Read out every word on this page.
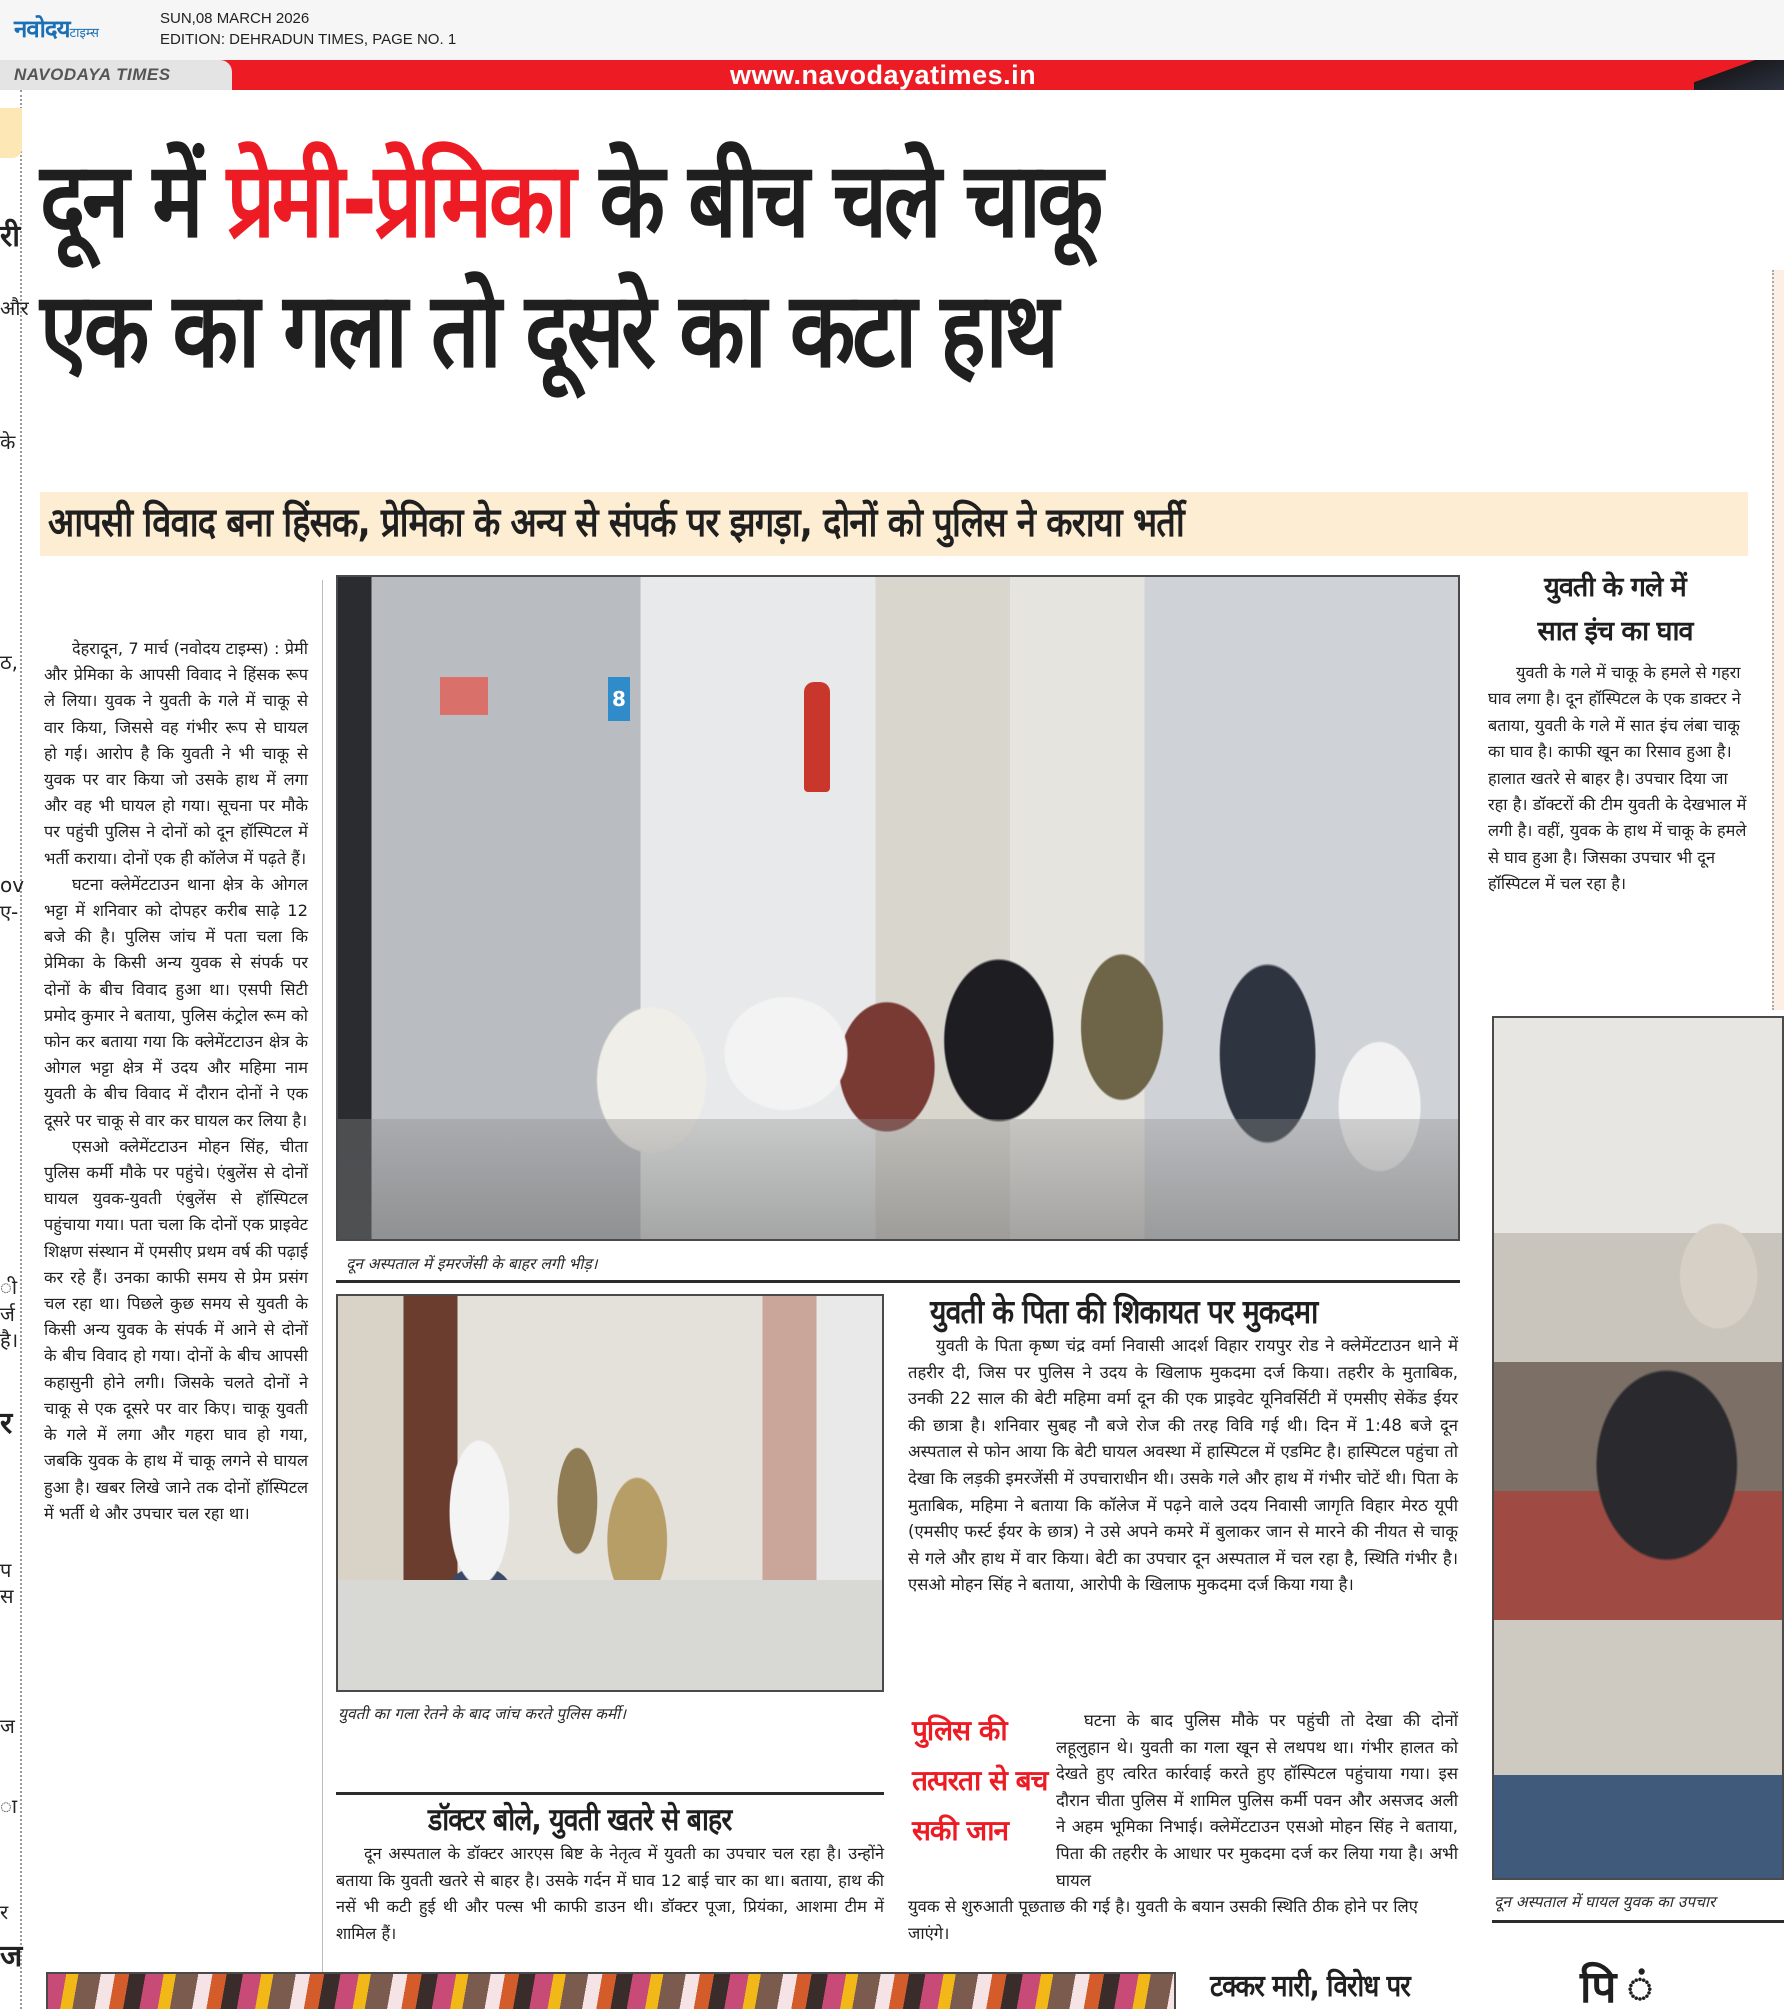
नवोदयटाइम्स
SUN,08 MARCH 2026
EDITION: DEHRADUN TIMES, PAGE NO. 1
NAVODAYA TIMES	www.navodayatimes.in
री
और
के
ठ,
ov
ए-
ी
र्ज
है।
र
प
स
ज
ा
र
ज
दून में प्रेमी-प्रेमिका के बीच चले चाकू
एक का गला तो दूसरे का कटा हाथ
आपसी विवाद बना हिंसक, प्रेमिका के अन्य से संपर्क पर झगड़ा, दोनों को पुलिस ने कराया भर्ती

देहरादून, 7 मार्च (नवोदय टाइम्स) : प्रेमी और प्रेमिका के आपसी विवाद ने हिंसक रूप ले लिया। युवक ने युवती के गले में चाकू से वार किया, जिससे वह गंभीर रूप से घायल हो गई। आरोप है कि युवती ने भी चाकू से युवक पर वार किया जो उसके हाथ में लगा और वह भी घायल हो गया। सूचना पर मौके पर पहुंची पुलिस ने दोनों को दून हॉस्पिटल में भर्ती कराया। दोनों एक ही कॉलेज में पढ़ते हैं।

घटना क्लेमेंटटाउन थाना क्षेत्र के ओगल भट्टा में शनिवार को दोपहर करीब साढ़े 12 बजे की है। पुलिस जांच में पता चला कि प्रेमिका के किसी अन्य युवक से संपर्क पर दोनों के बीच विवाद हुआ था। एसपी सिटी प्रमोद कुमार ने बताया, पुलिस कंट्रोल रूम को फोन कर बताया गया कि क्लेमेंटटाउन क्षेत्र के ओगल भट्टा क्षेत्र में उदय और महिमा नाम युवती के बीच विवाद में दौरान दोनों ने एक दूसरे पर चाकू से वार कर घायल कर लिया है।

एसओ क्लेमेंटटाउन मोहन सिंह, चीता पुलिस कर्मी मौके पर पहुंचे। एंबुलेंस से दोनों घायल युवक-युवती एंबुलेंस से हॉस्पिटल पहुंचाया गया। पता चला कि दोनों एक प्राइवेट शिक्षण संस्थान में एमसीए प्रथम वर्ष की पढ़ाई कर रहे हैं। उनका काफी समय से प्रेम प्रसंग चल रहा था। पिछले कुछ समय से युवती के किसी अन्य युवक के संपर्क में आने से दोनों के बीच विवाद हो गया। दोनों के बीच आपसी कहासुनी होने लगी। जिसके चलते दोनों ने चाकू से एक दूसरे पर वार किए। चाकू युवती के गले में लगा और गहरा घाव हो गया, जबकि युवक के हाथ में चाकू लगने से घायल हुआ है। खबर लिखे जाने तक दोनों हॉस्पिटल में भर्ती थे और उपचार चल रहा था।

8
दून अस्पताल में इमरजेंसी के बाहर लगी भीड़।
युवती के गले में
सात इंच का घाव

युवती के गले में चाकू के हमले से गहरा घाव लगा है। दून हॉस्पिटल के एक डाक्टर ने बताया, युवती के गले में सात इंच लंबा चाकू का घाव है। काफी खून का रिसाव हुआ है। हालात खतरे से बाहर है। उपचार दिया जा रहा है। डॉक्टरों की टीम युवती के देखभाल में लगी है। वहीं, युवक के हाथ में चाकू के हमले से घाव हुआ है। जिसका उपचार भी दून हॉस्पिटल में चल रहा है।

दून अस्पताल में घायल युवक का उपचार
युवती का गला रेतने के बाद जांच करते पुलिस कर्मी।
युवती के पिता की शिकायत पर मुकदमा

युवती के पिता कृष्ण चंद्र वर्मा निवासी आदर्श विहार रायपुर रोड ने क्लेमेंटटाउन थाने में तहरीर दी, जिस पर पुलिस ने उदय के खिलाफ मुकदमा दर्ज किया। तहरीर के मुताबिक, उनकी 22 साल की बेटी महिमा वर्मा दून की एक प्राइवेट यूनिवर्सिटी में एमसीए सेकेंड ईयर की छात्रा है। शनिवार सुबह नौ बजे रोज की तरह विवि गई थी। दिन में 1:48 बजे दून अस्पताल से फोन आया कि बेटी घायल अवस्था में हास्पिटल में एडमिट है। हास्पिटल पहुंचा तो देखा कि लड़की इमरजेंसी में उपचाराधीन थी। उसके गले और हाथ में गंभीर चोटें थी। पिता के मुताबिक, महिमा ने बताया कि कॉलेज में पढ़ने वाले उदय निवासी जागृति विहार मेरठ यूपी (एमसीए फर्स्ट ईयर के छात्र) ने उसे अपने कमरे में बुलाकर जान से मारने की नीयत से चाकू से गले और हाथ में वार किया। बेटी का उपचार दून अस्पताल में चल रहा है, स्थिति गंभीर है। एसओ मोहन सिंह ने बताया, आरोपी के खिलाफ मुकदमा दर्ज किया गया है।

डॉक्टर बोले, युवती खतरे से बाहर

दून अस्पताल के डॉक्टर आरएस बिष्ट के नेतृत्व में युवती का उपचार चल रहा है। उन्होंने बताया कि युवती खतरे से बाहर है। उसके गर्दन में घाव 12 बाई चार का था। बताया, हाथ की नसें भी कटी हुई थी और पल्स भी काफी डाउन थी। डॉक्टर पूजा, प्रियंका, आशमा टीम में शामिल हैं।

पुलिस की तत्परता से बच सकी जान

घटना के बाद पुलिस मौके पर पहुंची तो देखा की दोनों लहूलुहान थे। युवती का गला खून से लथपथ था। गंभीर हालत को देखते हुए त्वरित कार्रवाई करते हुए हॉस्पिटल पहुंचाया गया। इस दौरान चीता पुलिस में शामिल पुलिस कर्मी पवन और असजद अली ने अहम भूमिका निभाई। क्लेमेंटटाउन एसओ मोहन सिंह ने बताया, पिता की तहरीर के आधार पर मुकदमा दर्ज कर लिया गया है। अभी घायल

युवक से शुरुआती पूछताछ की गई है। युवती के बयान उसकी स्थिति ठीक होने पर लिए जाएंगे।
टक्कर मारी, विरोध पर	पि ं
